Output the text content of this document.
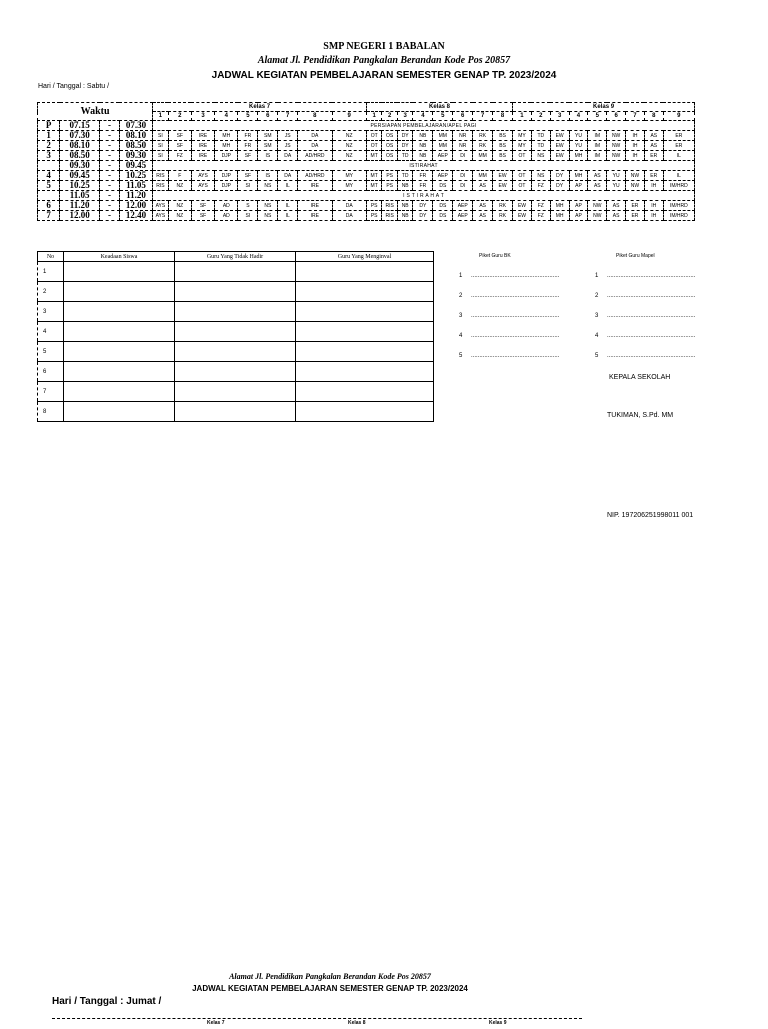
SMP NEGERI 1 BABALAN
Alamat Jl. Pendidikan Pangkalan Berandan Kode Pos 20857
JADWAL KEGIATAN PEMBELAJARAN SEMESTER GENAP TP. 2023/2024
Hari / Tanggal : Sabtu /
Waktu				Kelas 7									Kelas 8								Kelas 9								
				1	2	3	4	5	6	7	8	9	1	2	3	4	5	6	7	8	1	2	3	4	5	6	7	8	9
P	07.15	-	07.30	PERSIAPAN PEMBELAJARAN/APEL PAGI																									
1	07.30	-	08.10	SI	SF	IRE	MH	FR	SM	JS	DA	NZ	OT	OS	DY	NB	MM	NR	RK	BS	MY	TD	EW	YU	IM	NW	IH	AS	ER
2	08.10	-	08.50	SI	SF	IRE	MH	FR	SM	JS	DA	NZ	OT	OS	DY	NB	MM	NR	RK	BS	MY	TD	EW	YU	IM	NW	IH	AS	ER
3	08.50	-	09.30	SI	FZ	IRE	DJP	SF	IS	DA	AD/HRD	NZ	MT	OS	TD	NB	AEP	DI	MM	BS	OT	NS	EW	MH	IM	NW	IH	ER	IL
	09.30	-	09.45	ISTIRAHAT																									
4	09.45	-	10.25	RIS	F	AYS	DJP	SF	IS	DA	AD/HRD	MY	MT	PS	TD	FR	AEP	DI	MM	EW	OT	NS	DY	MH	AS	YU	NW	ER	IL
5	10.25	-	11.05	RIS	NZ	AYS	DJP	SI	NS	IL	IRE	MY	MT	PS	NB	FR	DS	DI	AS	EW	OT	FZ	DY	AP	AS	YU	NW	IH	IM/HRD
	11.05	-	11.20	I S T I R A H A T																									
6	11.20	-	12.00	AYS	NZ	SF	AD	S	NS	IL	IRE	DA	PS	RIS	NB	DY	DS	AEP	AS	RK	EW	FZ	MH	AP	NW	AS	ER	IH	IM/HRD
7	12.00	-	12.40	AYS	NZ	SF	AD	SI	NS	IL	IRE	DA	PS	RIS	NB	DY	DS	AEP	AS	RK	EW	FZ	MH	AP	NW	AS	ER	IH	IM/HRD
No	Keadaan Siswa	Guru Yang Tidak Hadir	Guru Yang Menginval
1			
2			
3			
4			
5			
6			
7			
8			
Piket Guru BK	Piket Guru Mapel
1 .....................................................	1 .....................................................
2 .....................................................	2 .....................................................
3 .....................................................	3 .....................................................
4 .....................................................	4 .....................................................
5 .....................................................	5 .....................................................
KEPALA SEKOLAH
TUKIMAN, S.Pd. MM
NIP. 197206251998011 001
Alamat Jl. Pendidikan Pangkalan Berandan Kode Pos 20857
JADWAL KEGIATAN PEMBELAJARAN SEMESTER GENAP TP. 2023/2024
Hari / Tanggal : Jumat /
Kelas 7	Kelas 8	Kelas 9
